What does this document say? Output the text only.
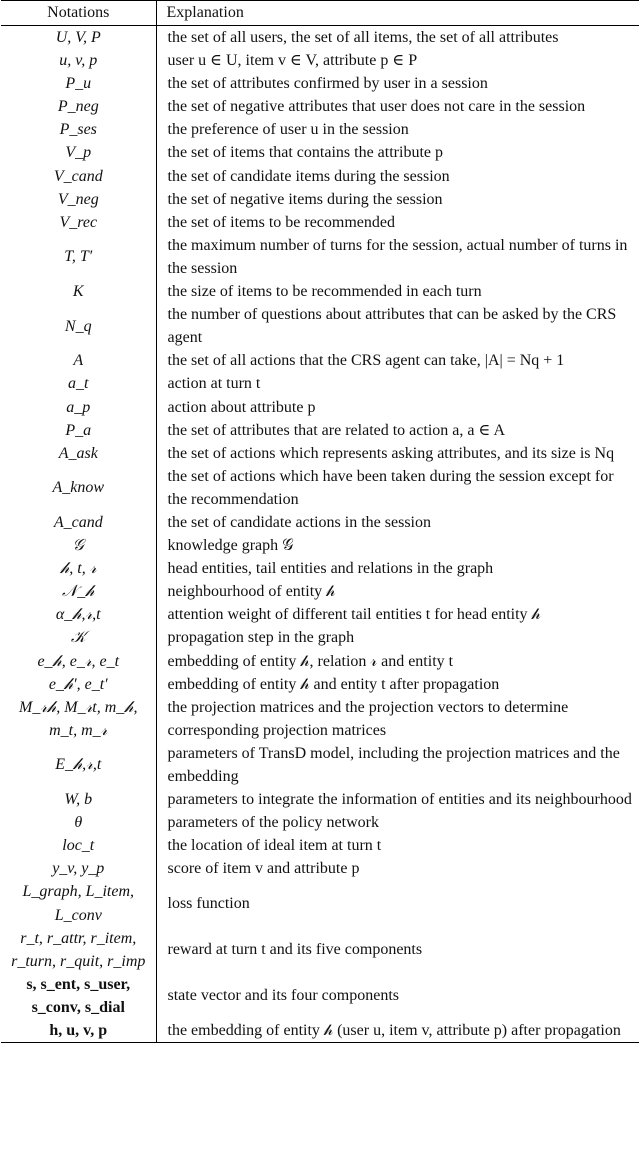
Notations	Explanation
U, V, P	the set of all users, the set of all items, the set of all attributes
u, v, p	user u ∈ U, item v ∈ V, attribute p ∈ P
P_u	the set of attributes confirmed by user in a session
P_neg	the set of negative attributes that user does not care in the session
P_ses	the preference of user u in the session
V_p	the set of items that contains the attribute p
V_cand	the set of candidate items during the session
V_neg	the set of negative items during the session
V_rec	the set of items to be recommended
T, T′	the maximum number of turns for the session, actual number of turns in the session
K	the size of items to be recommended in each turn
N_q	the number of questions about attributes that can be asked by the CRS agent
A	the set of all actions that the CRS agent can take, |A| = Nq + 1
a_t	action at turn t
a_p	action about attribute p
P_a	the set of attributes that are related to action a, a ∈ A
A_ask	the set of actions which represents asking attributes, and its size is Nq
A_know	the set of actions which have been taken during the session except for the recommendation
A_cand	the set of candidate actions in the session
𝒢	knowledge graph 𝒢
𝒽, t, 𝓇	head entities, tail entities and relations in the graph
𝒩_𝒽	neighbourhood of entity 𝒽
α_𝒽,𝓇,t	attention weight of different tail entities t for head entity 𝒽
𝒦	propagation step in the graph
e_𝒽, e_𝓇, e_t	embedding of entity 𝒽, relation 𝓇 and entity t
e_𝒽′, e_t′	embedding of entity 𝒽 and entity t after propagation
M_𝓇𝒽, M_𝓇t, m_𝒽, m_t, m_𝓇	the projection matrices and the projection vectors to determine corresponding projection matrices
E_𝒽,𝓇,t	parameters of TransD model, including the projection matrices and the embedding
W, b	parameters to integrate the information of entities and its neighbourhood
θ	parameters of the policy network
loc_t	the location of ideal item at turn t
y_v, y_p	score of item v and attribute p
L_graph, L_item, L_conv	loss function
r_t, r_attr, r_item, r_turn, r_quit, r_imp	reward at turn t and its five components
s, s_ent, s_user, s_conv, s_dial	state vector and its four components
h, u, v, p	the embedding of entity 𝒽 (user u, item v, attribute p) after propagation
